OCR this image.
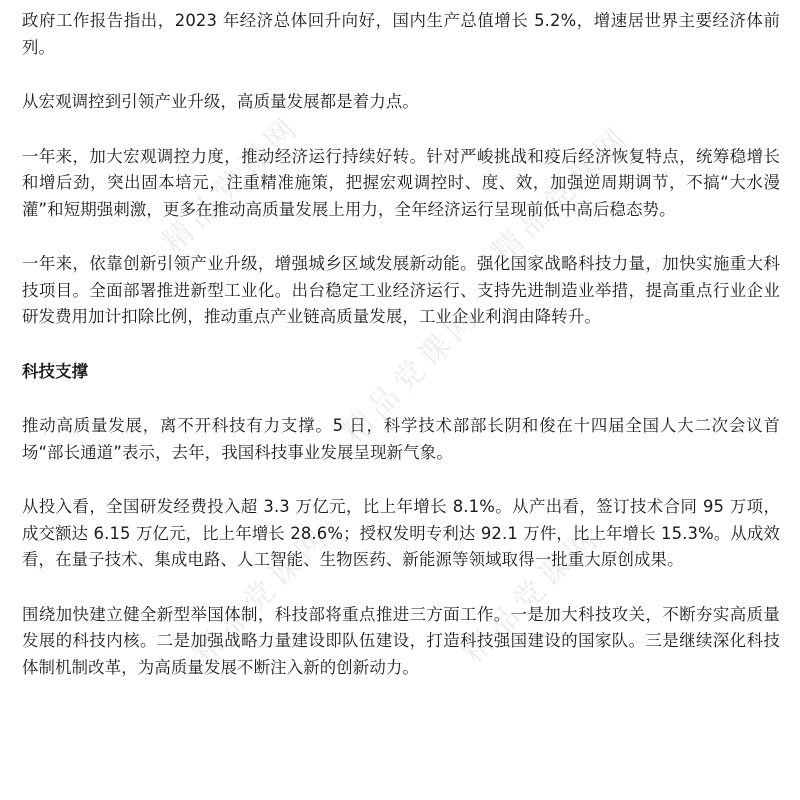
政府工作报告指出，2023 年经济总体回升向好，国内生产总值增长 5.2%，增速居世界主要经济体前列。

从宏观调控到引领产业升级，高质量发展都是着力点。

一年来，加大宏观调控力度，推动经济运行持续好转。针对严峻挑战和疫后经济恢复特点，统筹稳增长和增后劲，突出固本培元，注重精准施策，把握宏观调控时、度、效，加强逆周期调节，不搞“大水漫灌”和短期强刺激，更多在推动高质量发展上用力，全年经济运行呈现前低中高后稳态势。

一年来，依靠创新引领产业升级，增强城乡区域发展新动能。强化国家战略科技力量，加快实施重大科技项目。全面部署推进新型工业化。出台稳定工业经济运行、支持先进制造业举措，提高重点行业企业研发费用加计扣除比例，推动重点产业链高质量发展，工业企业利润由降转升。

科技支撑

推动高质量发展，离不开科技有力支撑。5 日，科学技术部部长阴和俊在十四届全国人大二次会议首场“部长通道”表示，去年，我国科技事业发展呈现新气象。

从投入看，全国研发经费投入超 3.3 万亿元，比上年增长 8.1%。从产出看，签订技术合同 95 万项，成交额达 6.15 万亿元，比上年增长 28.6%；授权发明专利达 92.1 万件，比上年增长 15.3%。从成效看，在量子技术、集成电路、人工智能、生物医药、新能源等领域取得一批重大原创成果。

围绕加快建立健全新型举国体制，科技部将重点推进三方面工作。一是加大科技攻关，不断夯实高质量发展的科技内核。二是加强战略力量建设即队伍建设，打造科技强国建设的国家队。三是继续深化科技体制机制改革，为高质量发展不断注入新的创新动力。

精品党课网	精品党课网
精品党课网
精品党课网	精品党课网
